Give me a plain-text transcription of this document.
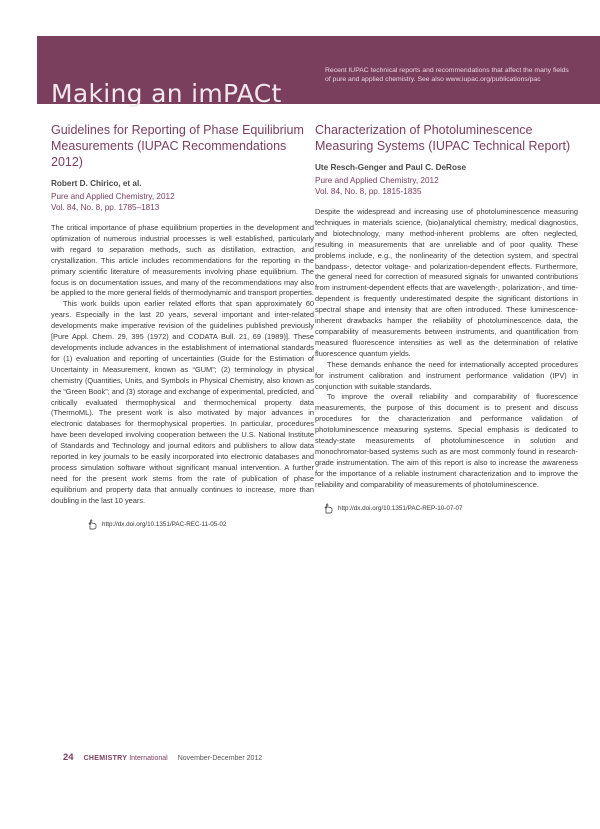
Making an imPACt
Recent IUPAC technical reports and recommendations that affect the many fields of pure and applied chemistry. See also www.iupac.org/publications/pac
Guidelines for Reporting of Phase Equilibrium Measurements (IUPAC Recommendations 2012)
Robert D. Chirico, et al.
Pure and Applied Chemistry, 2012
Vol. 84, No. 8, pp. 1785–1813

The critical importance of phase equilibrium properties in the development and optimization of numerous industrial processes is well established, particularly with regard to separation methods, such as distillation, extraction, and crystallization. This article includes recommendations for the reporting in the primary scientific literature of measurements involving phase equilibrium. The focus is on documentation issues, and many of the recommendations may also be applied to the more general fields of thermodynamic and transport properties.

This work builds upon earlier related efforts that span approximately 60 years. Especially in the last 20 years, several important and inter-related developments make imperative revision of the guidelines published previously [Pure Appl. Chem. 29, 395 (1972) and CODATA Bull. 21, 69 (1989)]. These developments include advances in the establishment of international standards for (1) evaluation and reporting of uncertainties (Guide for the Estimation of Uncertainty in Measurement, known as “GUM”; (2) terminology in physical chemistry (Quantities, Units, and Symbols in Physical Chemistry, also known as the “Green Book”; and (3) storage and exchange of experimental, predicted, and critically evaluated thermophysical and thermochemical property data (ThermoML). The present work is also motivated by major advances in electronic databases for thermophysical properties. In particular, procedures have been developed involving cooperation between the U.S. National Institute of Standards and Technology and journal editors and publishers to allow data reported in key journals to be easily incorporated into electronic databases and process simulation software without significant manual intervention. A further need for the present work stems from the rate of publication of phase equilibrium and property data that annually continues to increase, more than doubling in the last 10 years.

http://dx.doi.org/10.1351/PAC-REC-11-05-02
Characterization of Photoluminescence Measuring Systems (IUPAC Technical Report)
Ute Resch-Genger and Paul C. DeRose
Pure and Applied Chemistry, 2012
Vol. 84, No. 8, pp. 1815-1835

Despite the widespread and increasing use of photoluminescence measuring techniques in materials science, (bio)analytical chemistry, medical diagnostics, and biotechnology, many method-inherent problems are often neglected, resulting in measurements that are unreliable and of poor quality. These problems include, e.g., the nonlinearity of the detection system, and spectral bandpass-, detector voltage- and polarization-dependent effects. Furthermore, the general need for correction of measured signals for unwanted contributions from instrument-dependent effects that are wavelength-, polarization-, and time-dependent is frequently underestimated despite the significant distortions in spectral shape and intensity that are often introduced. These luminescence-inherent drawbacks hamper the reliability of photoluminescence data, the comparability of measurements between instruments, and quantification from measured fluorescence intensities as well as the determination of relative fluorescence quantum yields.

These demands enhance the need for internationally accepted procedures for instrument calibration and instrument performance validation (IPV) in conjunction with suitable standards.

To improve the overall reliability and comparability of fluorescence measurements, the purpose of this document is to present and discuss procedures for the characterization and performance validation of photoluminescence measuring systems. Special emphasis is dedicated to steady-state measurements of photoluminescence in solution and monochromator-based systems such as are most commonly found in research-grade instrumentation. The aim of this report is also to increase the awareness for the importance of a reliable instrument characterization and to improve the reliability and comparability of measurements of photoluminescence.

http://dx.doi.org/10.1351/PAC-REP-10-07-07
24 CHEMISTRY International November-December 2012
